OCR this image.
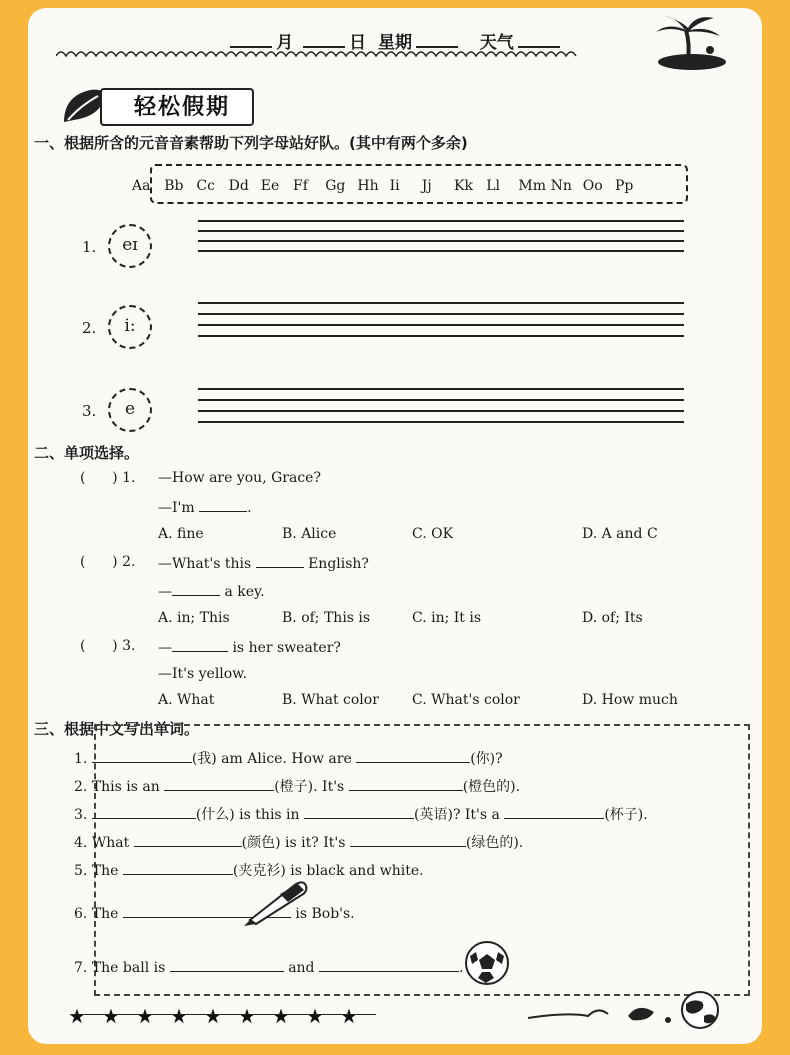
月	日 星期	天气
轻松假期
一、根据所含的元音音素帮助下列字母站好队。(其中有两个多余)
Aa Bb Cc Dd Ee Ff Gg Hh Ii Jj Kk Ll Mm Nn Oo Pp
1.	eɪ
2.	i:
3.	e
二、单项选择。
( ) 1. —How are you, Grace?
—I'm	.
A. fine	B. Alice	C. OK	D. A and C
( ) 2. —What's this	English?
—	a key.
A. in; This	B. of; This is	C. in; It is	D. of; Its
( ) 3. —	is her sweater?
—It's yellow.
A. What	B. What color C. What's color	D. How much
三、根据中文写出单词。
1.	(我) am Alice. How are	(你)?
2. This is an	(橙子). It's	(橙色的).
3.	(什么) is this in	(英语)? It's a	(杯子).
4. What	(颜色) is it? It's	(绿色的).
5. The	(夹克衫) is black and white.
6. The	is Bob's.
7. The ball is	and	.
★ ★ ★ ★ ★ ★ ★ ★ ★
